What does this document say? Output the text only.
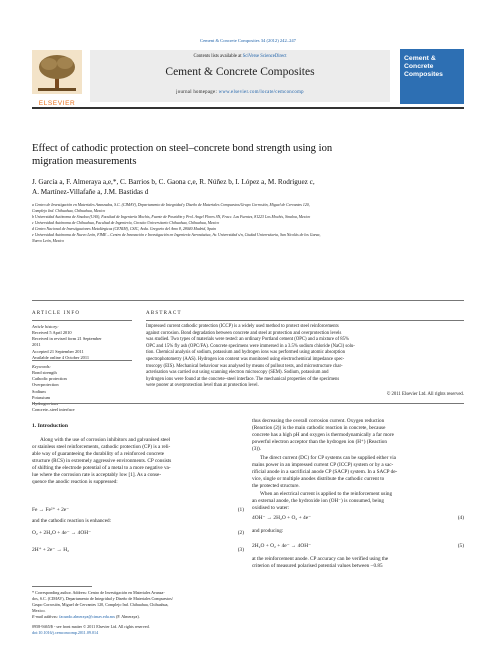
Cement & Concrete Composites 34 (2012) 242–247
ELSEVIER
Contents lists available at SciVerse ScienceDirect
Cement & Concrete Composites
journal homepage: www.elsevier.com/locate/cemconcomp
Cement &
Concrete
Composites
Effect of cathodic protection on steel–concrete bond strength using ion
migration measurements
J. García a, F. Almeraya a,e,*, C. Barrios b, C. Gaona c,e, R. Núñez b, I. López a, M. Rodríguez c,
A. Martínez-Villafañe a, J.M. Bastidas d
a Centro de Investigación en Materiales Avanzados, S.C. (CIMAV), Departamento de Integridad y Diseño de Materiales Compuestos/Grupo Corrosión, Miguel de Cervantes 120,
Complejo Ind. Chihuahua, Chihuahua, Mexico
b Universidad Autónoma de Sinaloa (UAS), Facultad de Ingeniería Mochis, Fuente de Poseidón y Prol. Angel Flores SN, Fracc. Las Fuentes, 81223 Los Mochis, Sinaloa, Mexico
c Universidad Autónoma de Chihuahua, Facultad de Ingeniería, Circuito Universitario Chihuahua, Chihuahua, Mexico
d Centro Nacional de Investigaciones Metalúrgicas (CENIM), CSIC, Avda. Gregorio del Amo 8, 28040 Madrid, Spain
e Universidad Autónoma de Nuevo León, FIME – Centro de Innovación e Investigación en Ingeniería Aeronáutica, Av. Universidad s/n, Ciudad Universitaria, San Nicolás de los Garza,
Nuevo León, Mexico
ARTICLE INFO
Article history:
Received 5 April 2010
Received in revised form 21 September
2011
Accepted 21 September 2011
Available online 4 October 2011
Keywords:
Bond strength
Cathodic protection
Overprotection
Sodium
Potassium
Hydrogen ions
Concrete–steel interface
ABSTRACT
Impressed current cathodic protection (ICCP) is a widely used method to protect steel reinforcements
against corrosion. Bond degradation between concrete and steel at protection and overprotection levels
was studied. Two types of materials were tested: an ordinary Portland cement (OPC) and a mixture of 85%
OPC and 15% fly ash (OPC/FA). Concrete specimens were immersed in a 3.5% sodium chloride (NaCl) solu-
tion. Chemical analysis of sodium, potassium and hydrogen ions was performed using atomic absorption
spectrophotometry (AAS). Hydrogen ion content was monitored using electrochemical impedance spec-
troscopy (EIS). Mechanical behaviour was analysed by means of pullout tests, and microstructure char-
acterisation was carried out using scanning electron microscopy (SEM). Sodium, potassium and
hydrogen ions were found at the concrete–steel interface. The mechanical properties of the specimens
were poorer at overprotection level than at protection level.
© 2011 Elsevier Ltd. All rights reserved.
1. Introduction
Along with the use of corrosion inhibitors and galvanised steel
or stainless steel reinforcements, cathodic protection (CP) is a reli-
able way of guaranteeing the durability of a reinforced concrete
structure (RCS) in extremely aggressive environments. CP consists
of shifting the electrode potential of a metal to a more negative va-
lue where the corrosion rate is acceptably low [1]. As a conse-
quence the anodic reaction is suppressed:
Fe → Fe²⁺ + 2e⁻	(1)
and the cathodic reaction is enhanced:
O₂ + 2H₂O + 4e⁻ → 4OH⁻	(2)
2H⁺ + 2e⁻ → H₂	(3)
* Corresponding author. Address: Centro de Investigación en Materiales Avanza-
dos, S.C. (CIMAV), Departamento de Integridad y Diseño de Materiales Compuestos/
Grupo Corrosión, Miguel de Cervantes 120, Complejo Ind. Chihuahua, Chihuahua,
Mexico.
E-mail address: facundo.almeraya@cimav.edu.mx (F. Almeraya).
0958-9465/$ - see front matter © 2011 Elsevier Ltd. All rights reserved.
doi:10.1016/j.cemconcomp.2011.09.014
thus decreasing the overall corrosion current. Oxygen reduction
(Reaction (2)) is the main cathodic reaction in concrete, because
concrete has a high pH and oxygen is thermodynamically a far more
powerful electron acceptor than the hydrogen ion (H⁺) (Reaction
(3)).
The direct current (DC) for CP systems can be supplied either via
mains power in an impressed current CP (ICCP) system or by a sac-
rificial anode in a sacrificial anode CP (SACP) system. In a SACP de-
vice, single or multiple anodes distribute the cathodic current to
the protected structure.
When an electrical current is applied to the reinforcement using
an external anode, the hydroxide ion (OH⁻) is consumed, being
oxidised to water:
4OH⁻ → 2H₂O + O₂ + 4e⁻	(4)
and producing:
2H₂O + O₂ + 4e⁻ → 4OH⁻	(5)
at the reinforcement anode. CP accuracy can be verified using the
criterion of measured polarised potential values between −0.85
